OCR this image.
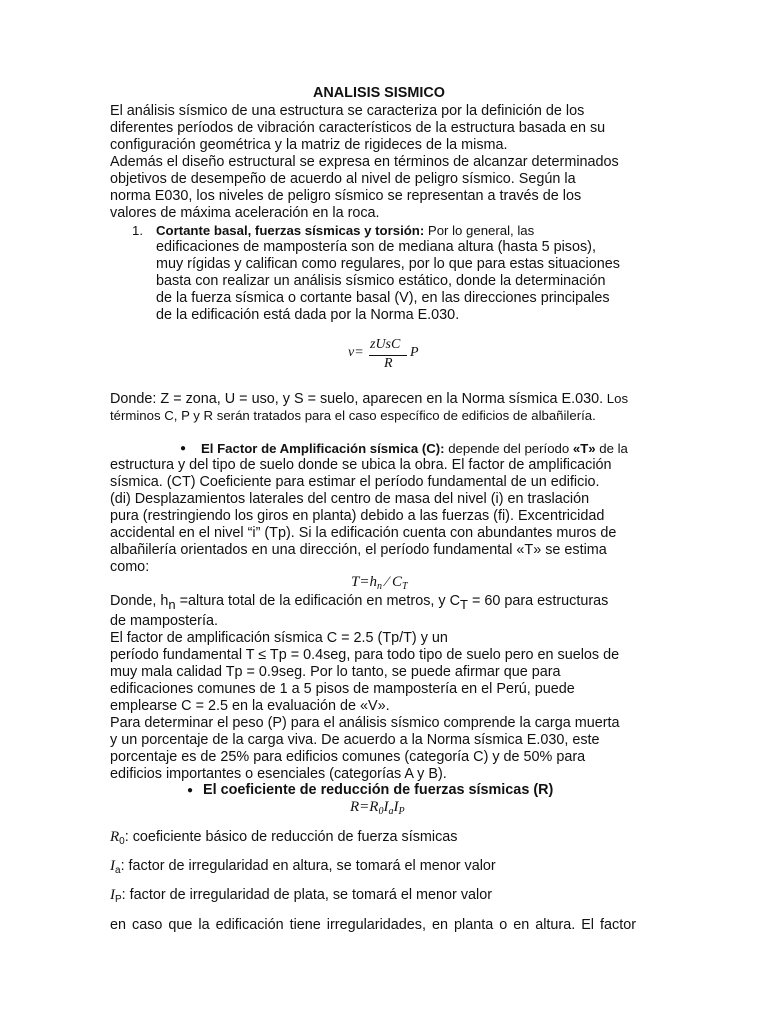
ANALISIS SISMICO
El análisis sísmico de una estructura se caracteriza por la definición de los
diferentes períodos de vibración característicos de la estructura basada en su
configuración geométrica y la matriz de rigideces de la misma.
Además el diseño estructural se expresa en términos de alcanzar determinados
objetivos de desempeño de acuerdo al nivel de peligro sísmico. Según la
norma E030, los niveles de peligro sísmico se representan a través de los
valores de máxima aceleración en la roca.
1. Cortante basal, fuerzas sísmicas y torsión: Por lo general, las
edificaciones de mampostería son de mediana altura (hasta 5 pisos),
muy rígidas y califican como regulares, por lo que para estas situaciones
basta con realizar un análisis sísmico estático, donde la determinación
de la fuerza sísmica o cortante basal (V), en las direcciones principales
de la edificación está dada por la Norma E.030.
v=
zUsC
R
P
Donde: Z = zona, U = uso, y S = suelo, aparecen en la Norma sísmica E.030. Los
términos C, P y R serán tratados para el caso específico de edificios de albañilería.
● El Factor de Amplificación sísmica (C): depende del período «T» de la
estructura y del tipo de suelo donde se ubica la obra. El factor de amplificación
sísmica. (CT) Coeficiente para estimar el período fundamental de un edificio.
(di) Desplazamientos laterales del centro de masa del nivel (i) en traslación
pura (restringiendo los giros en planta) debido a las fuerzas (fi). Excentricidad
accidental en el nivel “i” (Tp). Si la edificación cuenta con abundantes muros de
albañilería orientados en una dirección, el período fundamental «T» se estima
como:
$T=h_n$ ⁄ $C_T$
Donde, $h_n$ =altura total de la edificación en metros, y $C_T = 60$ para estructuras
de mampostería.
El factor de amplificación sísmica C = 2.5 (Tp/T) y un
período fundamental T ≤ Tp = 0.4seg, para todo tipo de suelo pero en suelos de
muy mala calidad Tp = 0.9seg. Por lo tanto, se puede afirmar que para
edificaciones comunes de 1 a 5 pisos de mampostería en el Perú, puede
emplearse C = 2.5 en la evaluación de «V».
Para determinar el peso (P) para el análisis sísmico comprende la carga muerta
y un porcentaje de la carga viva. De acuerdo a la Norma sísmica E.030, este
porcentaje es de 25% para edificios comunes (categoría C) y de 50% para
edificios importantes o esenciales (categorías A y B).
● El coeficiente de reducción de fuerzas sísmicas (R)
$R=R_0I_aI_P$
$R_0$: coeficiente básico de reducción de fuerza sísmicas
$I_a$: factor de irregularidad en altura, se tomará el menor valor
$I_P$: factor de irregularidad de plata, se tomará el menor valor
en caso que la edificación tiene irregularidades, en planta o en altura. El factor
